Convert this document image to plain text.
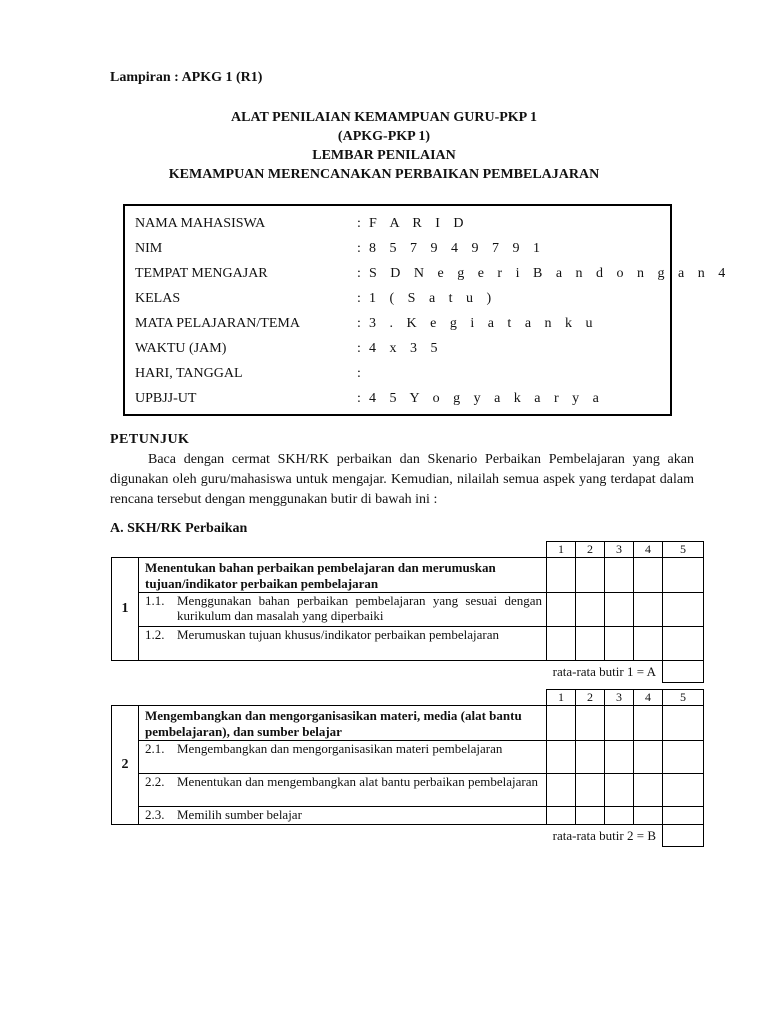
Lampiran : APKG 1 (R1)
ALAT PENILAIAN KEMAMPUAN GURU-PKP 1
(APKG-PKP 1)
LEMBAR PENILAIAN
KEMAMPUAN MERENCANAKAN PERBAIKAN PEMBELAJARAN
NAMA MAHASISWA	: F A R I D
NIM	: 8 5 7 9 4 9 7 9 1
TEMPAT MENGAJAR	: S D N e g e r i B a n d o n g a n 4
KELAS	: 1 ( S a t u )
MATA PELAJARAN/TEMA	: 3 . K e g i a t a n k u
WAKTU (JAM)	: 4 x 3 5
HARI, TANGGAL	:
UPBJJ-UT	: 4 5 Y o g y a k a r y a
PETUNJUK
Baca dengan cermat SKH/RK perbaikan dan Skenario Perbaikan Pembelajaran yang akan digunakan oleh guru/mahasiswa untuk mengajar. Kemudian, nilailah semua aspek yang terdapat dalam rencana tersebut dengan menggunakan butir di bawah ini :
A. SKH/RK Perbaikan
		1	2	3	4	5
1	Menentukan bahan perbaikan pembelajaran dan merumuskan tujuan/indikator perbaikan pembelajaran					

	1.1. Menggunakan bahan perbaikan pembelajaran yang sesuai dengan kurikulum dan masalah yang diperbaiki					

	1.2. Merumuskan tujuan khusus/indikator perbaikan pembelajaran					
	rata-rata butir 1 = A					
		1	2	3	4	5
2	Mengembangkan dan mengorganisasikan materi, media (alat bantu pembelajaran), dan sumber belajar					

	2.1. Mengembangkan dan mengorganisasikan materi pembelajaran					

	2.2. Menentukan dan mengembangkan alat bantu perbaikan pembelajaran					

	2.3. Memilih sumber belajar					
	rata-rata butir 2 = B					
